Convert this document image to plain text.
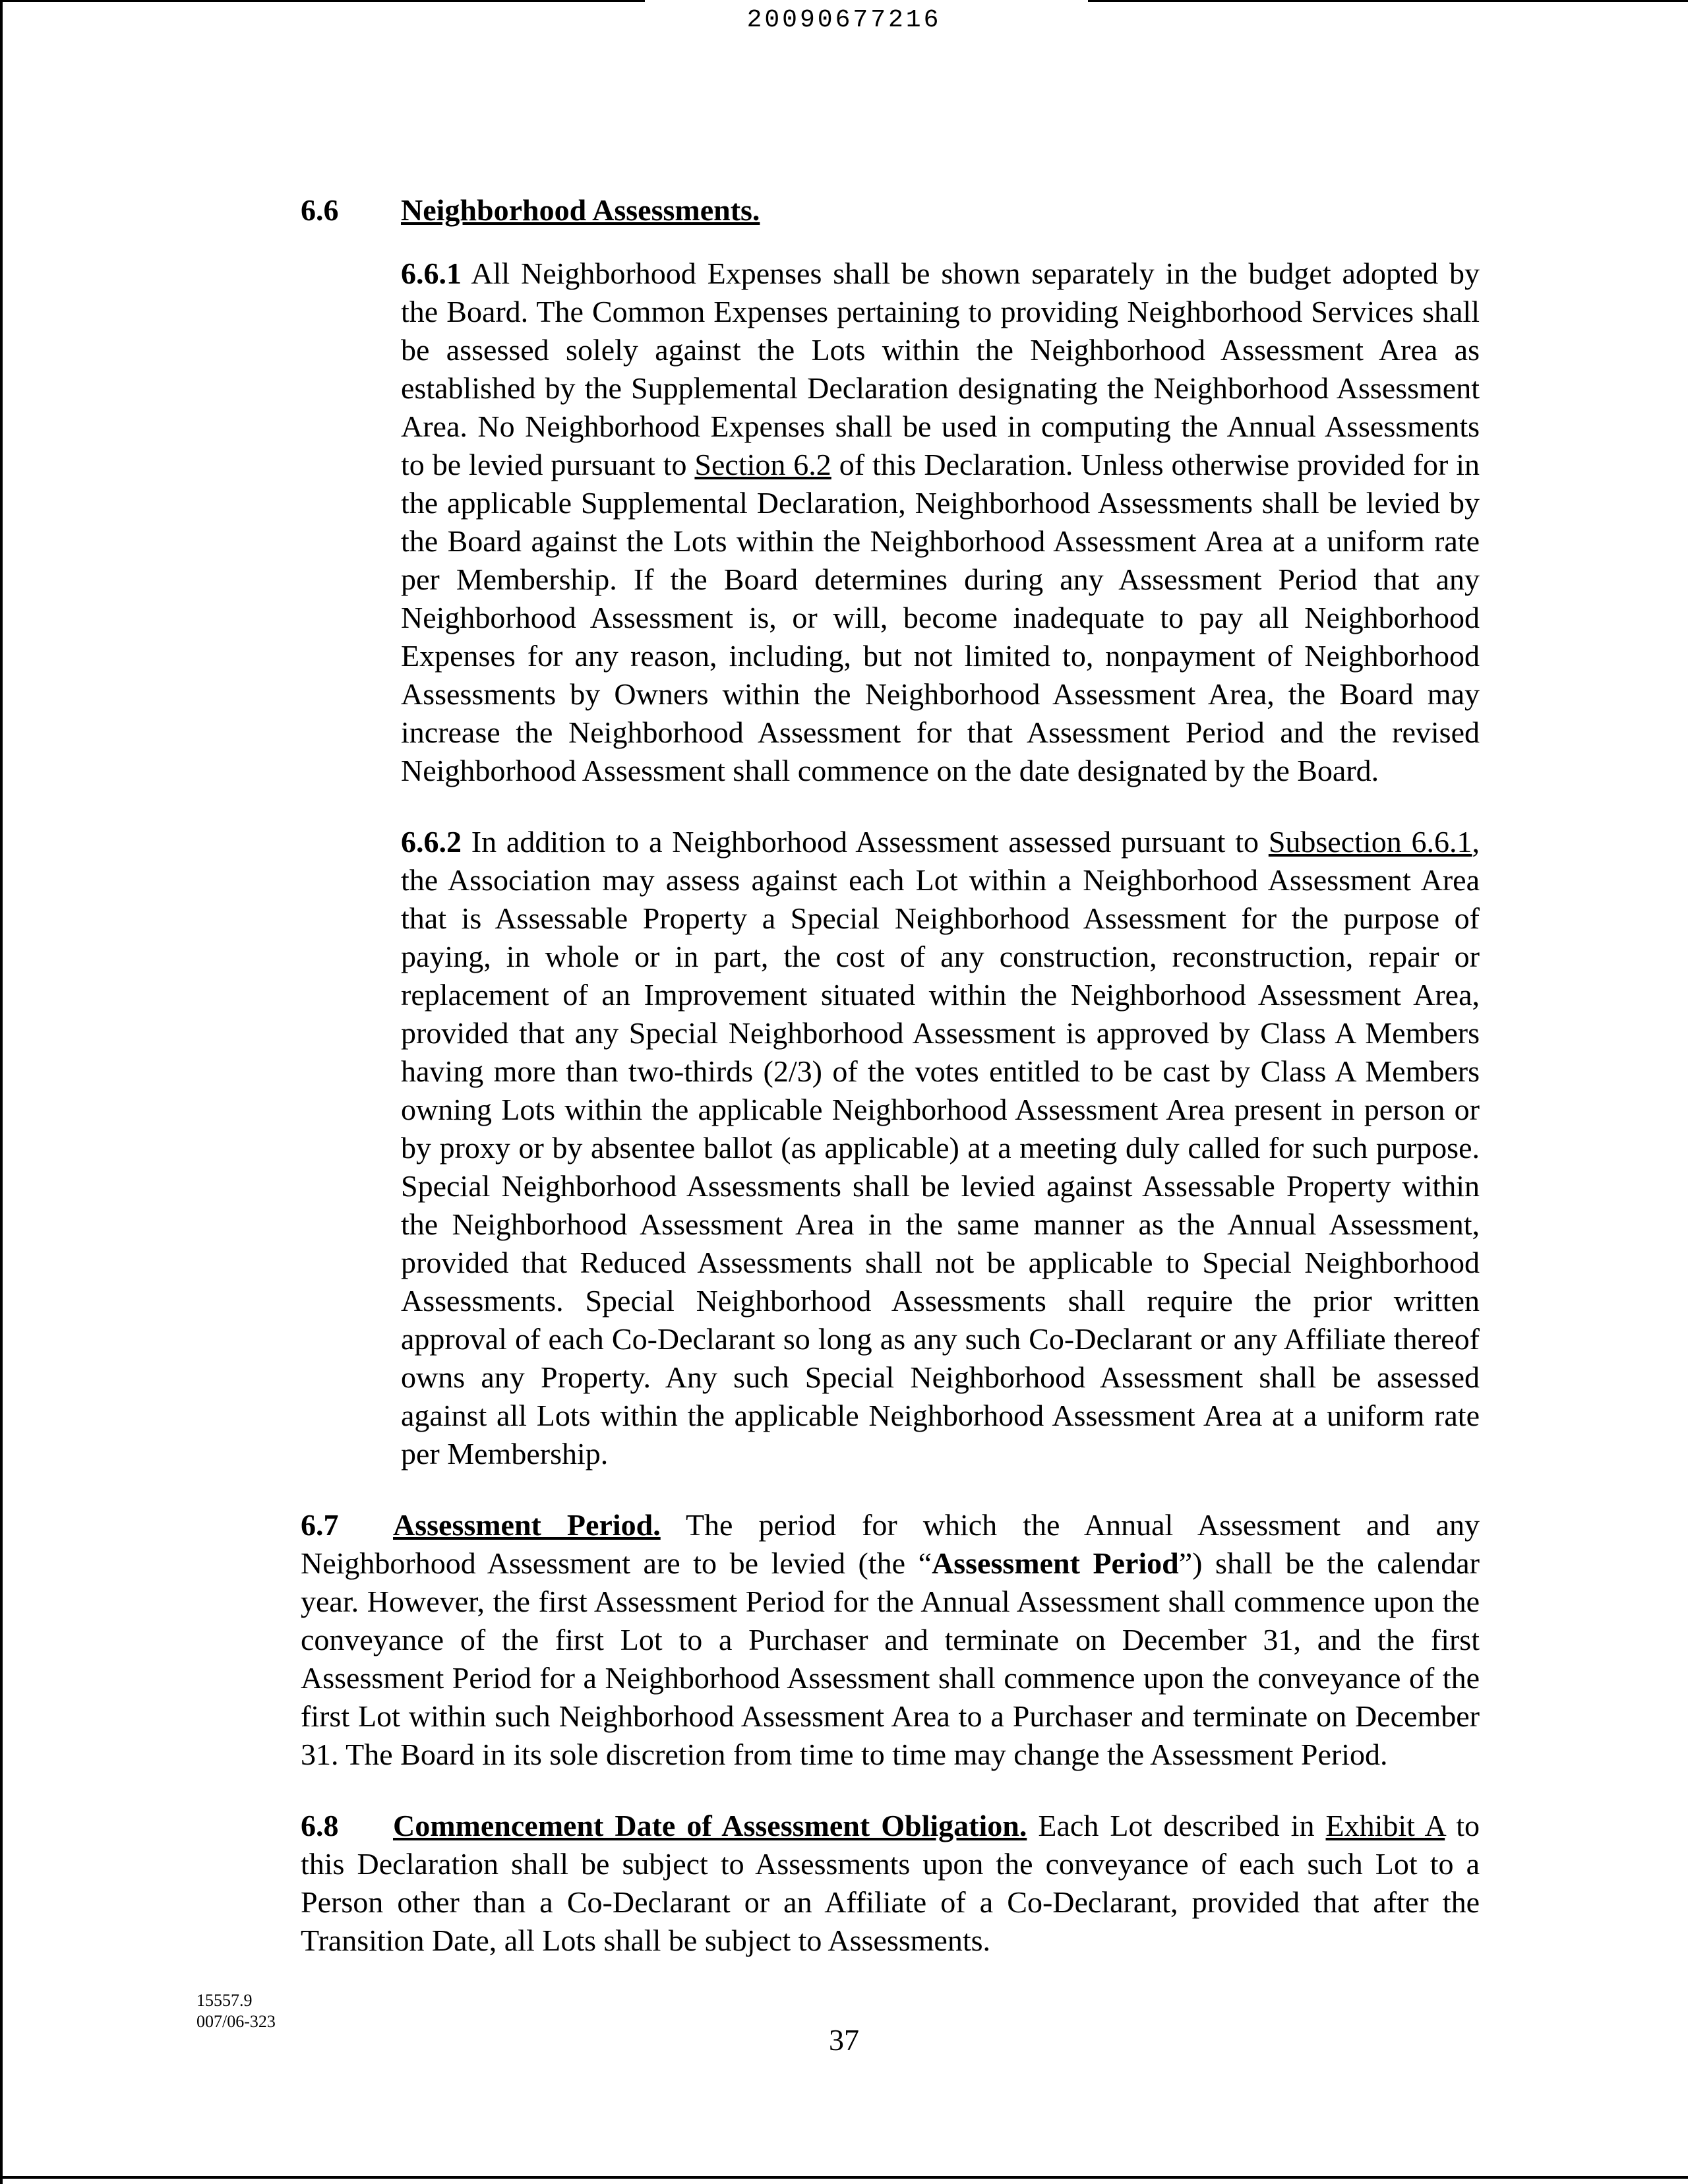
20090677216

6.6 Neighborhood Assessments.

6.6.1 All Neighborhood Expenses shall be shown separately in the budget adopted by the Board. The Common Expenses pertaining to providing Neighborhood Services shall be assessed solely against the Lots within the Neighborhood Assessment Area as established by the Supplemental Declaration designating the Neighborhood Assessment Area. No Neighborhood Expenses shall be used in computing the Annual Assessments to be levied pursuant to Section 6.2 of this Declaration. Unless otherwise provided for in the applicable Supplemental Declaration, Neighborhood Assessments shall be levied by the Board against the Lots within the Neighborhood Assessment Area at a uniform rate per Membership. If the Board determines during any Assessment Period that any Neighborhood Assessment is, or will, become inadequate to pay all Neighborhood Expenses for any reason, including, but not limited to, nonpayment of Neighborhood Assessments by Owners within the Neighborhood Assessment Area, the Board may increase the Neighborhood Assessment for that Assessment Period and the revised Neighborhood Assessment shall commence on the date designated by the Board.

6.6.2 In addition to a Neighborhood Assessment assessed pursuant to Subsection 6.6.1, the Association may assess against each Lot within a Neighborhood Assessment Area that is Assessable Property a Special Neighborhood Assessment for the purpose of paying, in whole or in part, the cost of any construction, reconstruction, repair or replacement of an Improvement situated within the Neighborhood Assessment Area, provided that any Special Neighborhood Assessment is approved by Class A Members having more than two-thirds (2/3) of the votes entitled to be cast by Class A Members owning Lots within the applicable Neighborhood Assessment Area present in person or by proxy or by absentee ballot (as applicable) at a meeting duly called for such purpose. Special Neighborhood Assessments shall be levied against Assessable Property within the Neighborhood Assessment Area in the same manner as the Annual Assessment, provided that Reduced Assessments shall not be applicable to Special Neighborhood Assessments. Special Neighborhood Assessments shall require the prior written approval of each Co-Declarant so long as any such Co-Declarant or any Affiliate thereof owns any Property. Any such Special Neighborhood Assessment shall be assessed against all Lots within the applicable Neighborhood Assessment Area at a uniform rate per Membership.

6.7 Assessment Period. The period for which the Annual Assessment and any Neighborhood Assessment are to be levied (the “Assessment Period”) shall be the calendar year. However, the first Assessment Period for the Annual Assessment shall commence upon the conveyance of the first Lot to a Purchaser and terminate on December 31, and the first Assessment Period for a Neighborhood Assessment shall commence upon the conveyance of the first Lot within such Neighborhood Assessment Area to a Purchaser and terminate on December 31. The Board in its sole discretion from time to time may change the Assessment Period.

6.8 Commencement Date of Assessment Obligation. Each Lot described in Exhibit A to this Declaration shall be subject to Assessments upon the conveyance of each such Lot to a Person other than a Co-Declarant or an Affiliate of a Co-Declarant, provided that after the Transition Date, all Lots shall be subject to Assessments.

15557.9
007/06-323
37
